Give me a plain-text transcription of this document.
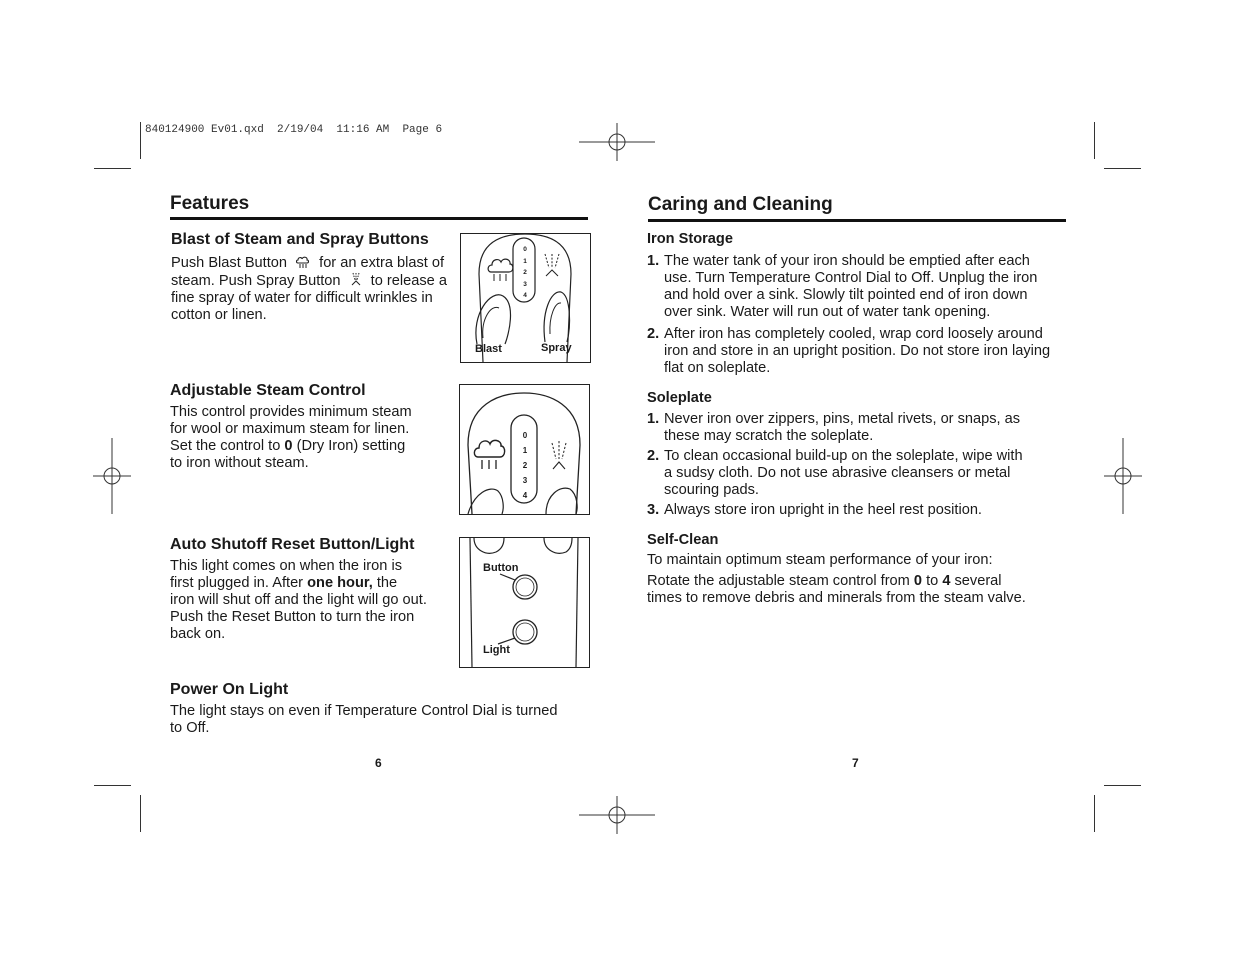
840124900 Ev01.qxd  2/19/04  11:16 AM  Page 6
Features
Blast of Steam and Spray Buttons
Push Blast Button for an extra blast of
steam. Push Spray Button to release a
fine spray of water for difficult wrinkles in
cotton or linen.
0
1
2
3
4
Blast	Spray
Adjustable Steam Control
This control provides minimum steam
for wool or maximum steam for linen.
Set the control to 0 (Dry Iron) setting
to iron without steam.
0
1
2
3
4
Auto Shutoff Reset Button/Light
This light comes on when the iron is
first plugged in. After one hour, the
iron will shut off and the light will go out.
Push the Reset Button to turn the iron
back on.
Button
Light
Power On Light
The light stays on even if Temperature Control Dial is turned
to Off.
6
Caring and Cleaning
Iron Storage
1. The water tank of your iron should be emptied after each
use. Turn Temperature Control Dial to Off. Unplug the iron
and hold over a sink. Slowly tilt pointed end of iron down
over sink. Water will run out of water tank opening.
2. After iron has completely cooled, wrap cord loosely around
iron and store in an upright position. Do not store iron laying
flat on soleplate.
Soleplate
1. Never iron over zippers, pins, metal rivets, or snaps, as
these may scratch the soleplate.
2. To clean occasional build-up on the soleplate, wipe with
a sudsy cloth. Do not use abrasive cleansers or metal
scouring pads.
3. Always store iron upright in the heel rest position.
Self-Clean
To maintain optimum steam performance of your iron:
Rotate the adjustable steam control from 0 to 4 several
times to remove debris and minerals from the steam valve.
7
